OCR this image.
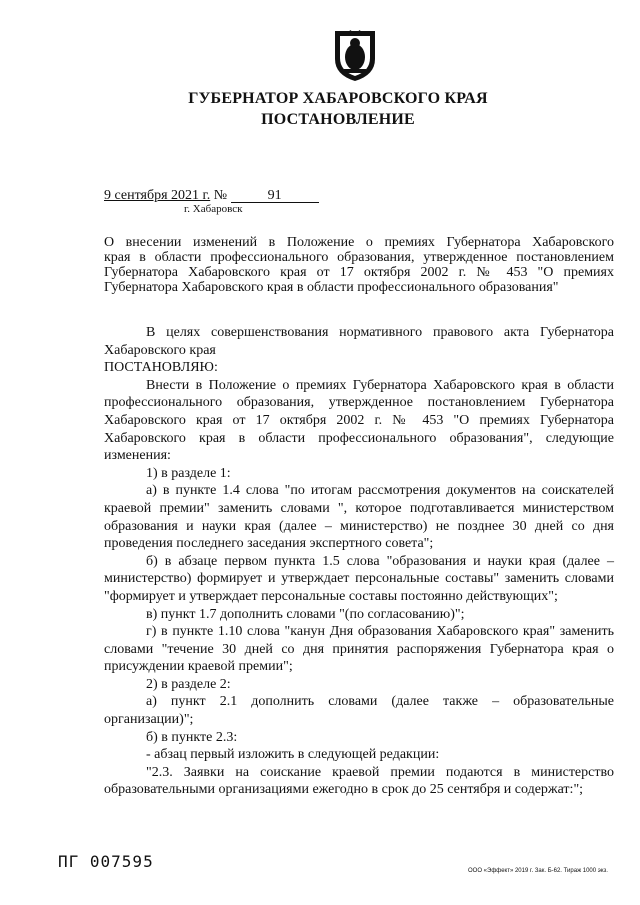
ГУБЕРНАТОР ХАБАРОВСКОГО КРАЯ
ПОСТАНОВЛЕНИЕ
9 сентября 2021 г. №	91
г. Хабаровск
О внесении изменений в Положение о премиях Губернатора Хабаровского
края в области профессионального образования, утвержденное постановлением
Губернатора Хабаровского края от 17 октября 2002 г. № 453 "О премиях
Губернатора Хабаровского края в области профессионального образования"

В целях совершенствования нормативного правового акта Губернатора Хабаровского края

ПОСТАНОВЛЯЮ:

Внести в Положение о премиях Губернатора Хабаровского края в области профессионального образования, утвержденное постановлением Губернатора Хабаровского края от 17 октября 2002 г. № 453 "О премиях Губернатора Хабаровского края в области профессионального образования", следующие изменения:

1) в разделе 1:

а) в пункте 1.4 слова "по итогам рассмотрения документов на соискателей краевой премии" заменить словами ", которое подготавливается министерством образования и науки края (далее – министерство) не позднее 30 дней со дня проведения последнего заседания экспертного совета";

б) в абзаце первом пункта 1.5 слова "образования и науки края (далее – министерство) формирует и утверждает персональные составы" заменить словами "формирует и утверждает персональные составы постоянно действующих";

в) пункт 1.7 дополнить словами "(по согласованию)";

г) в пункте 1.10 слова "канун Дня образования Хабаровского края" заменить словами "течение 30 дней со дня принятия распоряжения Губернатора края о присуждении краевой премии";

2) в разделе 2:

а) пункт 2.1 дополнить словами (далее также – образовательные организации)";

б) в пункте 2.3:

- абзац первый изложить в следующей редакции:

"2.3. Заявки на соискание краевой премии подаются в министерство образовательными организациями ежегодно в срок до 25 сентября и содержат:";

ПГ 007595	ООО «Эффект» 2019 г. Зак. Б-62. Тираж 1000 экз.
